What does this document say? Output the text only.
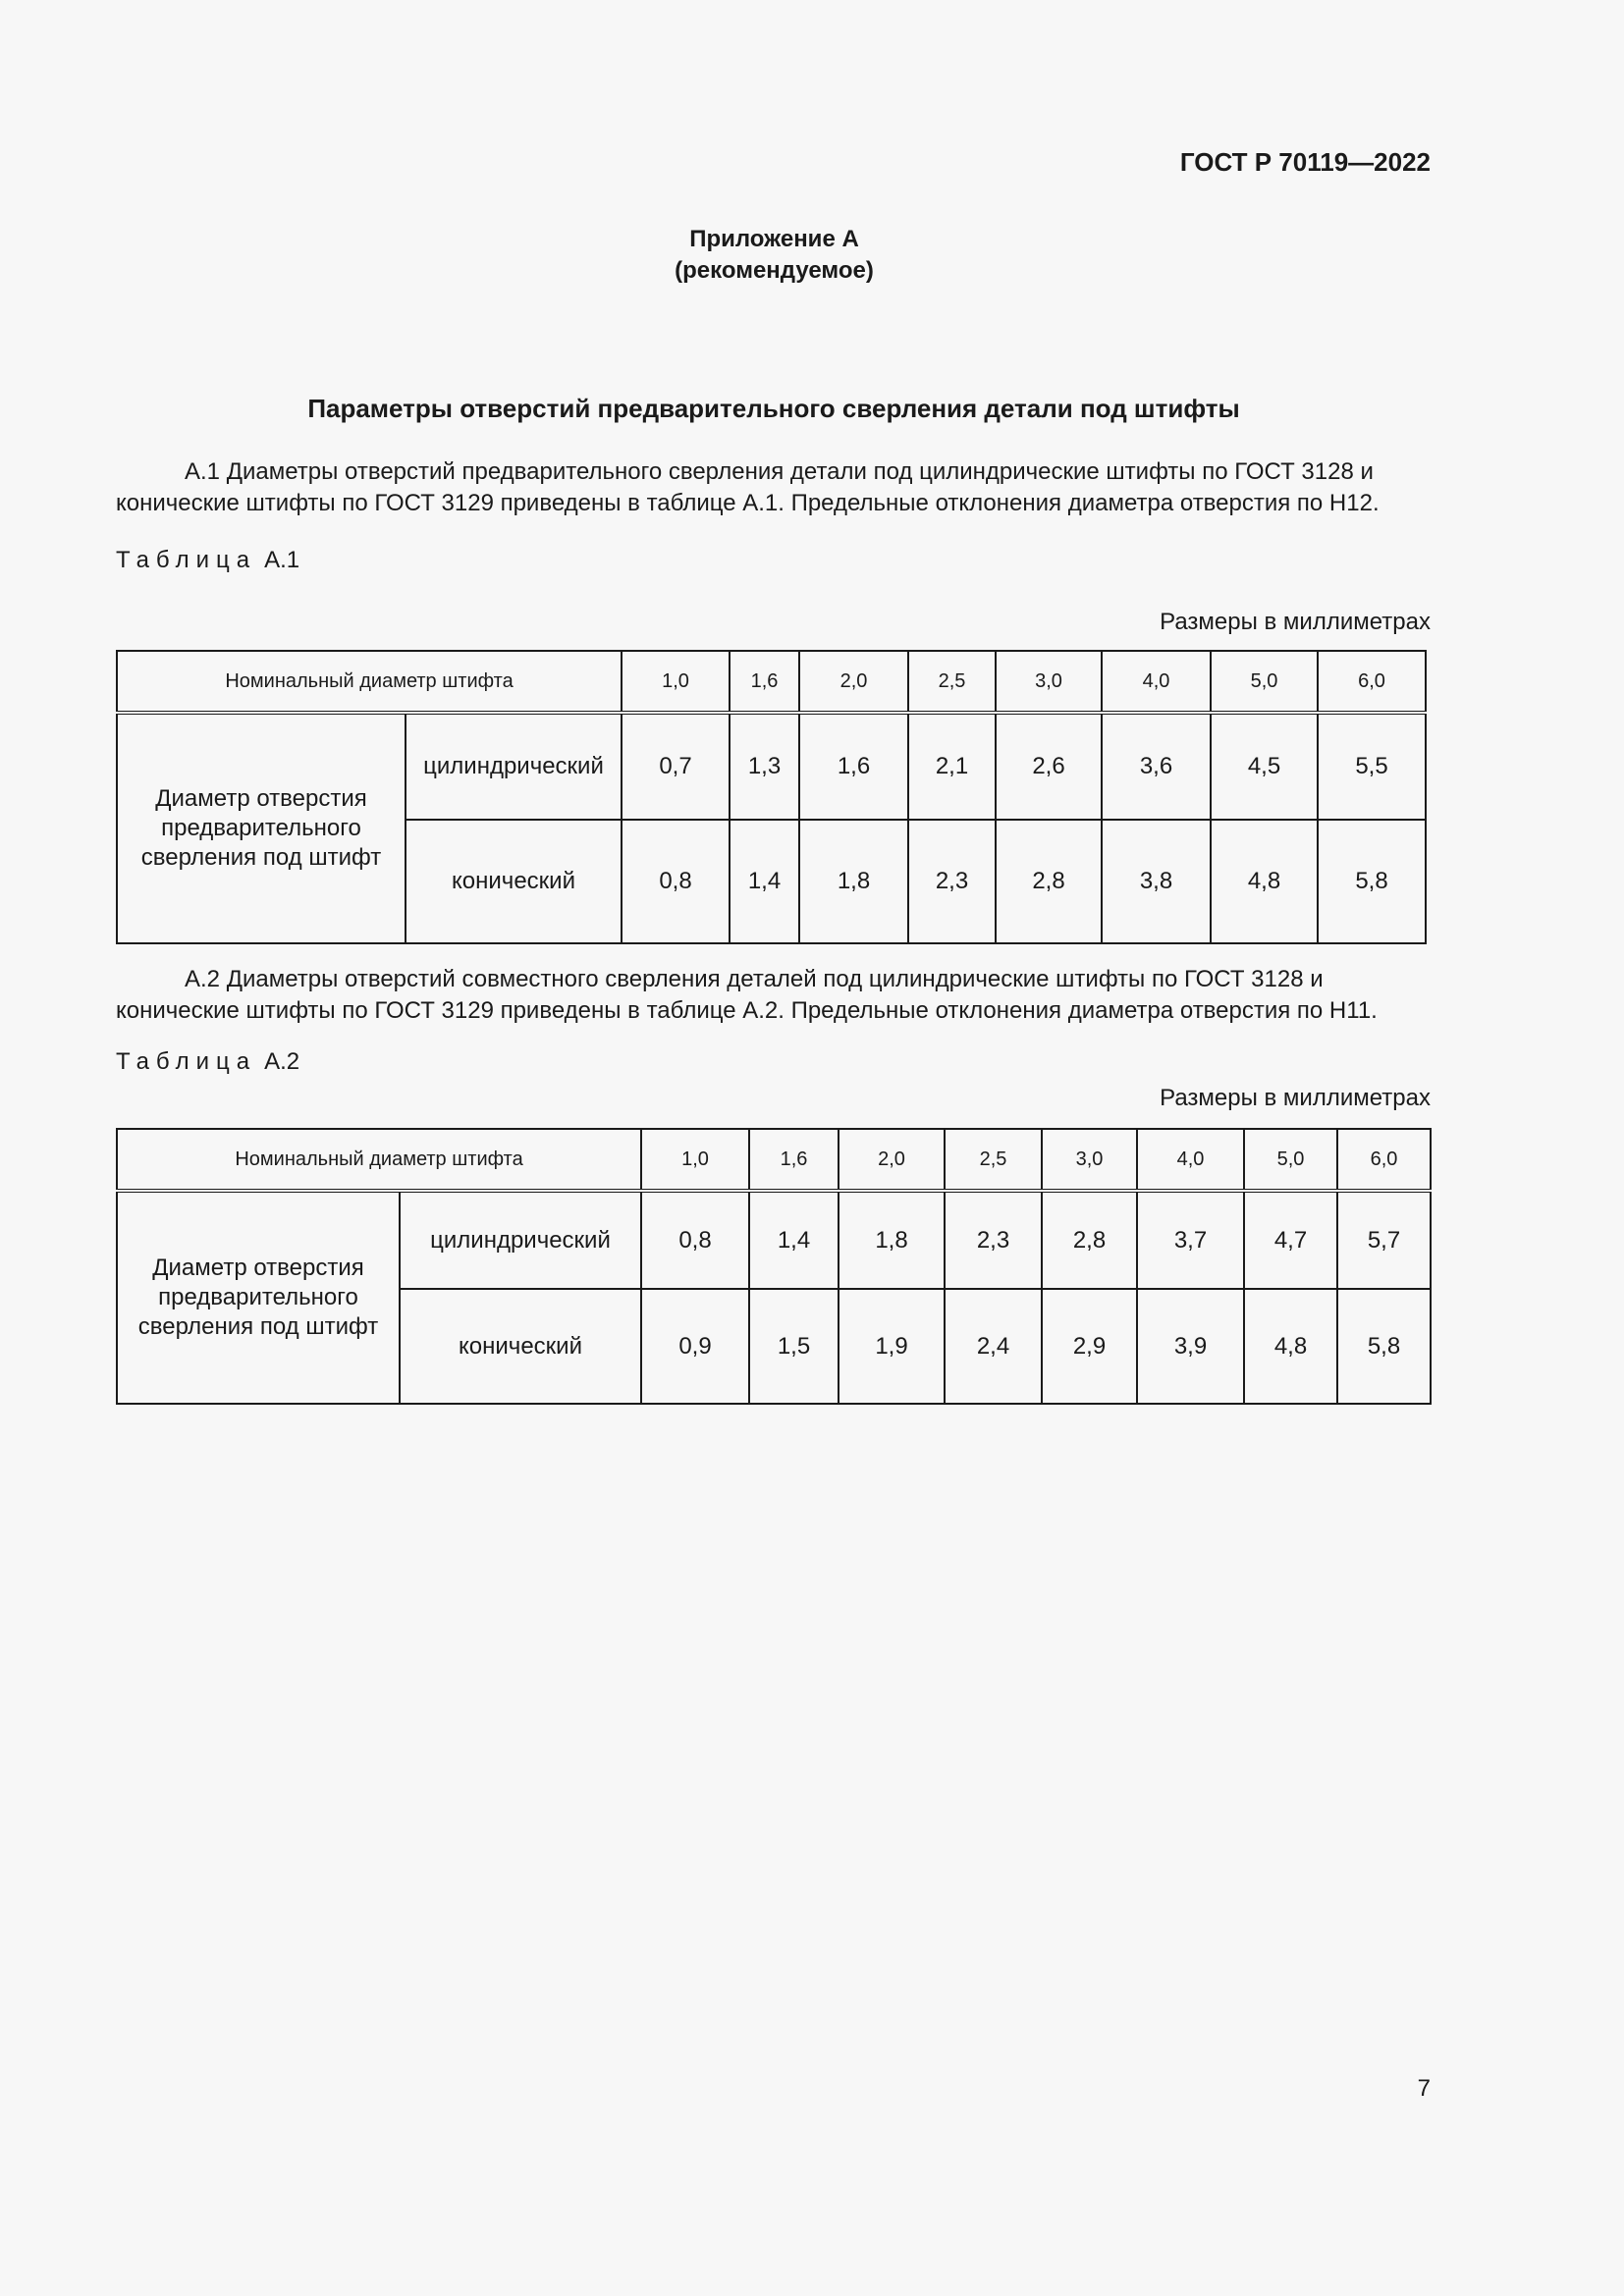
ГОСТ Р 70119—2022
Приложение А
(рекомендуемое)
Параметры отверстий предварительного сверления детали под штифты
А.1 Диаметры отверстий предварительного сверления детали под цилиндрические штифты по ГОСТ 3128 и конические штифты по ГОСТ 3129 приведены в таблице А.1. Предельные отклонения диаметра отверстия по Н12.
Таблица А.1
Размеры в миллиметрах
Номинальный диаметр штифта		1,0	1,6	2,0	2,5	3,0	4,0	5,0	6,0
Диаметр отверстия предварительного сверления под штифт	цилиндрический	0,7	1,3	1,6	2,1	2,6	3,6	4,5	5,5
	конический	0,8	1,4	1,8	2,3	2,8	3,8	4,8	5,8
А.2 Диаметры отверстий совместного сверления деталей под цилиндрические штифты по ГОСТ 3128 и конические штифты по ГОСТ 3129 приведены в таблице А.2. Предельные отклонения диаметра отверстия по Н11.
Таблица А.2
Размеры в миллиметрах
Номинальный диаметр штифта		1,0	1,6	2,0	2,5	3,0	4,0	5,0	6,0
Диаметр отверстия предварительного сверления под штифт	цилиндрический	0,8	1,4	1,8	2,3	2,8	3,7	4,7	5,7
	конический	0,9	1,5	1,9	2,4	2,9	3,9	4,8	5,8
7
